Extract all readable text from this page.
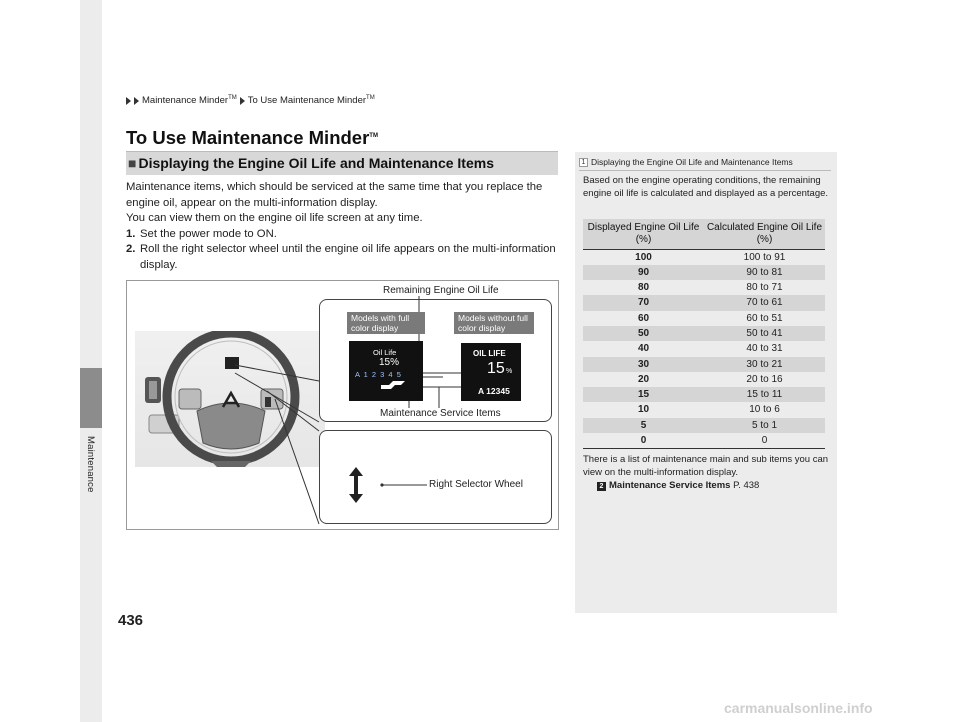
Maintenance
436
Maintenance Minder™ To Use Maintenance Minder™
To Use Maintenance Minder™
■ Displaying the Engine Oil Life and Maintenance Items

Maintenance items, which should be serviced at the same time that you replace the engine oil, appear on the multi-information display.

You can view them on the engine oil life screen at any time.

1. Set the power mode to ON.
2. Roll the right selector wheel until the engine oil life appears on the multi-information display.
Remaining Engine Oil Life
Models with full color display
Models without full color display
Oil Life
15%
A 1 2 3 4 5
OIL LIFE
15 %
A 12345
Maintenance Service Items
Right Selector Wheel
1 Displaying the Engine Oil Life and Maintenance Items
Based on the engine operating conditions, the remaining engine oil life is calculated and displayed as a percentage.
Displayed Engine Oil Life (%)	Calculated Engine Oil Life (%)
100	100 to 91
90	90 to 81
80	80 to 71
70	70 to 61
60	60 to 51
50	50 to 41
40	40 to 31
30	30 to 21
20	20 to 16
15	15 to 11
10	10 to 6
5	5 to 1
0	0
There is a list of maintenance main and sub items you can view on the multi-information display.
2 Maintenance Service Items P. 438
carmanualsonline.info
